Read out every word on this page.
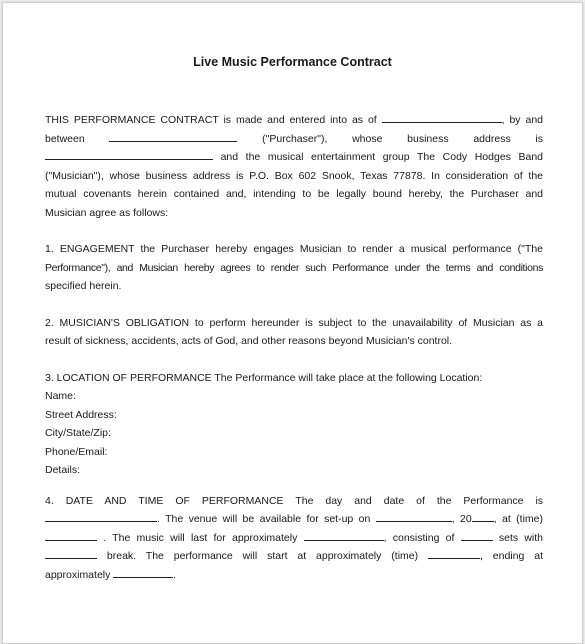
Live Music Performance Contract
THIS PERFORMANCE CONTRACT is made and entered into as of	, by and
between	("Purchaser"), whose business address is
and the musical entertainment group The Cody Hodges Band
("Musician"), whose business address is P.O. Box 602 Snook, Texas 77878. In consideration of the
mutual covenants herein contained and, intending to be legally bound hereby, the Purchaser and
Musician agree as follows:
1. ENGAGEMENT the Purchaser hereby engages Musician to render a musical performance ("The
Performance"), and Musician hereby agrees to render such Performance under the terms and conditions
specified herein.
2. MUSICIAN'S OBLIGATION to perform hereunder is subject to the unavailability of Musician as a
result of sickness, accidents, acts of God, and other reasons beyond Musician's control.
3. LOCATION OF PERFORMANCE The Performance will take place at the following Location:
Name:
Street Address:
City/State/Zip:
Phone/Email:
Details:
4. DATE AND TIME OF PERFORMANCE The day and date of the Performance is
. The venue will be available for set-up on	, 20 , at (time)
. The music will last for approximately	, consisting of	sets with
break. The performance will start at approximately (time)	, ending at
approximately	.
